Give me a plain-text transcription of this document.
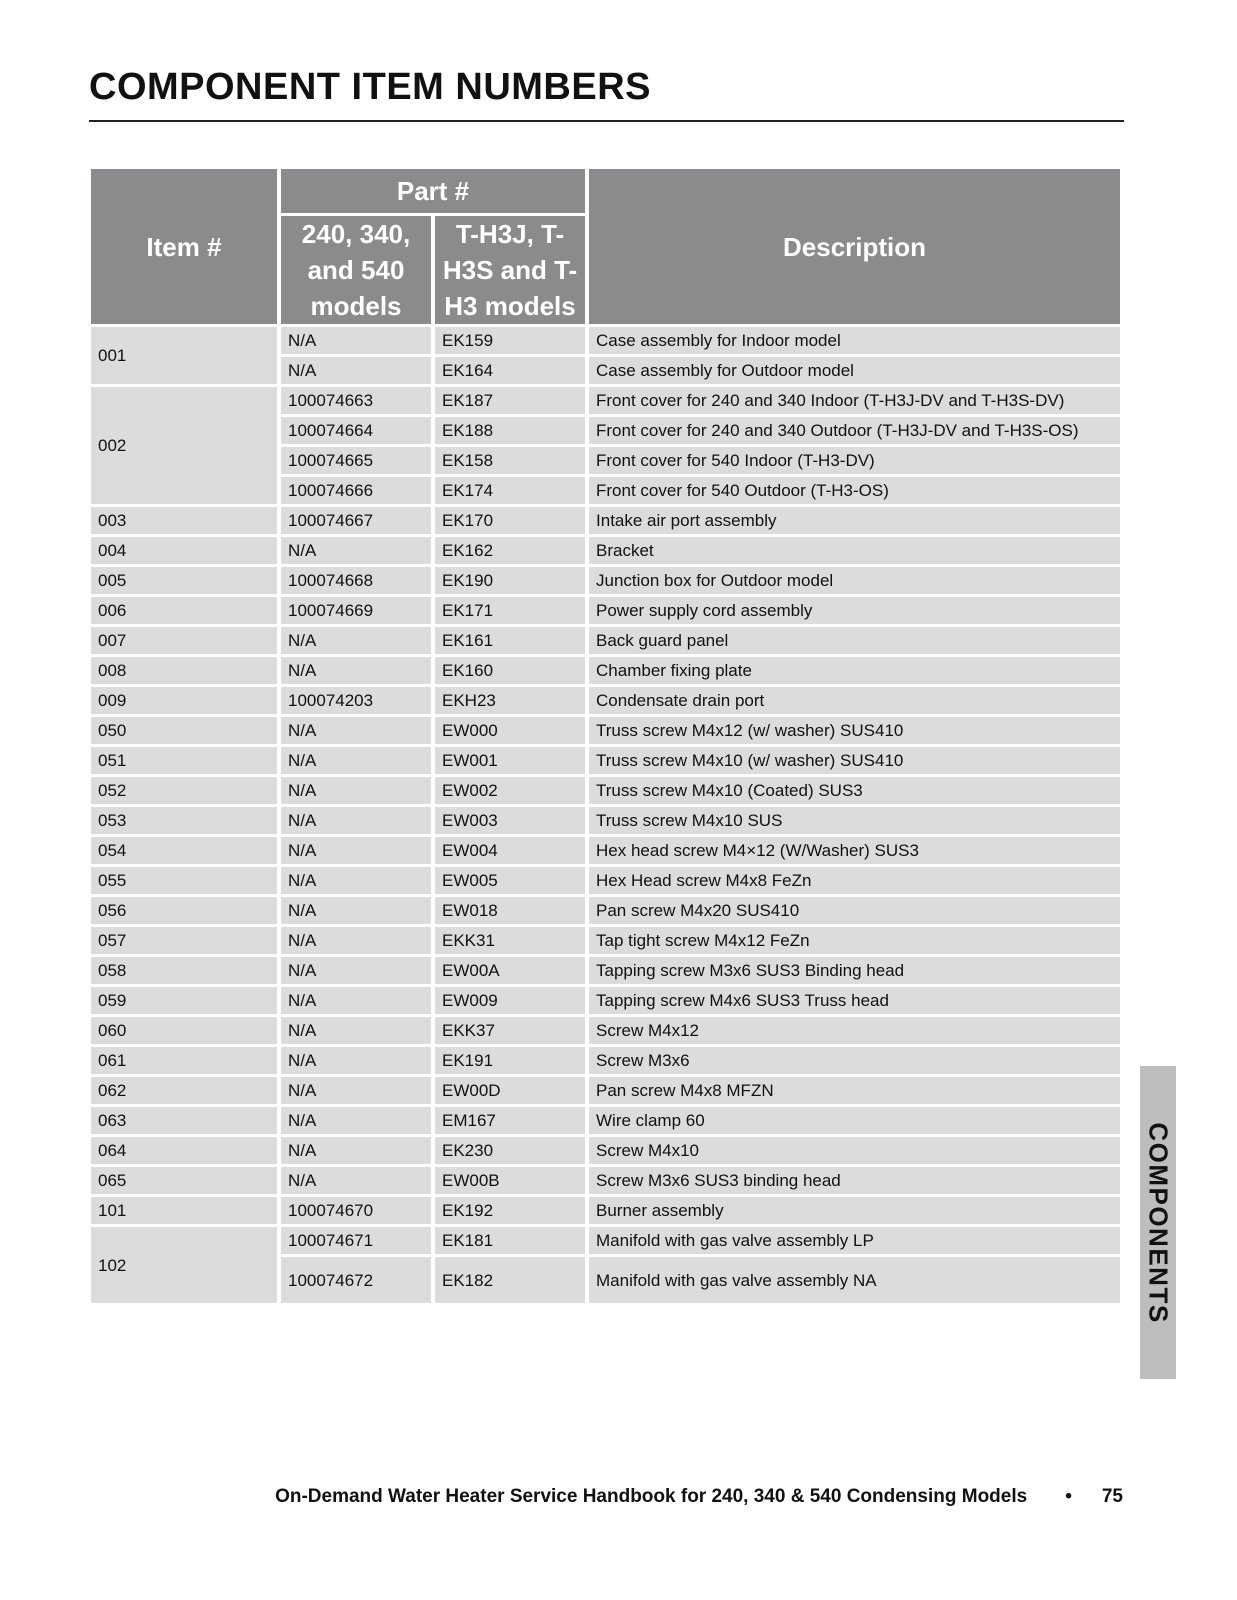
COMPONENT ITEM NUMBERS
Item #	Part #		Description
	240, 340, and 540 models	T-H3J, T-H3S and T-H3 models	
001	N/A	EK159	Case assembly for Indoor model
	N/A	EK164	Case assembly for Outdoor model
002	100074663	EK187	Front cover for 240 and 340 Indoor (T-H3J-DV and T-H3S-DV)
	100074664	EK188	Front cover for 240 and 340 Outdoor (T-H3J-DV and T-H3S-OS)
	100074665	EK158	Front cover for 540 Indoor (T-H3-DV)
	100074666	EK174	Front cover for 540 Outdoor (T-H3-OS)
003	100074667	EK170	Intake air port assembly
004	N/A	EK162	Bracket
005	100074668	EK190	Junction box for Outdoor model
006	100074669	EK171	Power supply cord assembly
007	N/A	EK161	Back guard panel
008	N/A	EK160	Chamber fixing plate
009	100074203	EKH23	Condensate drain port
050	N/A	EW000	Truss screw M4x12 (w/ washer) SUS410
051	N/A	EW001	Truss screw M4x10 (w/ washer) SUS410
052	N/A	EW002	Truss screw M4x10 (Coated) SUS3
053	N/A	EW003	Truss screw M4x10 SUS
054	N/A	EW004	Hex head screw M4×12 (W/Washer) SUS3
055	N/A	EW005	Hex Head screw M4x8 FeZn
056	N/A	EW018	Pan screw M4x20 SUS410
057	N/A	EKK31	Tap tight screw M4x12 FeZn
058	N/A	EW00A	Tapping screw M3x6 SUS3 Binding head
059	N/A	EW009	Tapping screw M4x6 SUS3 Truss head
060	N/A	EKK37	Screw M4x12
061	N/A	EK191	Screw M3x6
062	N/A	EW00D	Pan screw M4x8 MFZN
063	N/A	EM167	Wire clamp 60
064	N/A	EK230	Screw M4x10
065	N/A	EW00B	Screw M3x6 SUS3 binding head
101	100074670	EK192	Burner assembly
102	100074671	EK181	Manifold with gas valve assembly LP
	100074672	EK182	Manifold with gas valve assembly NA	COMPONENTS
On-Demand Water Heater Service Handbook for 240, 340 & 540 Condensing Models • 75
